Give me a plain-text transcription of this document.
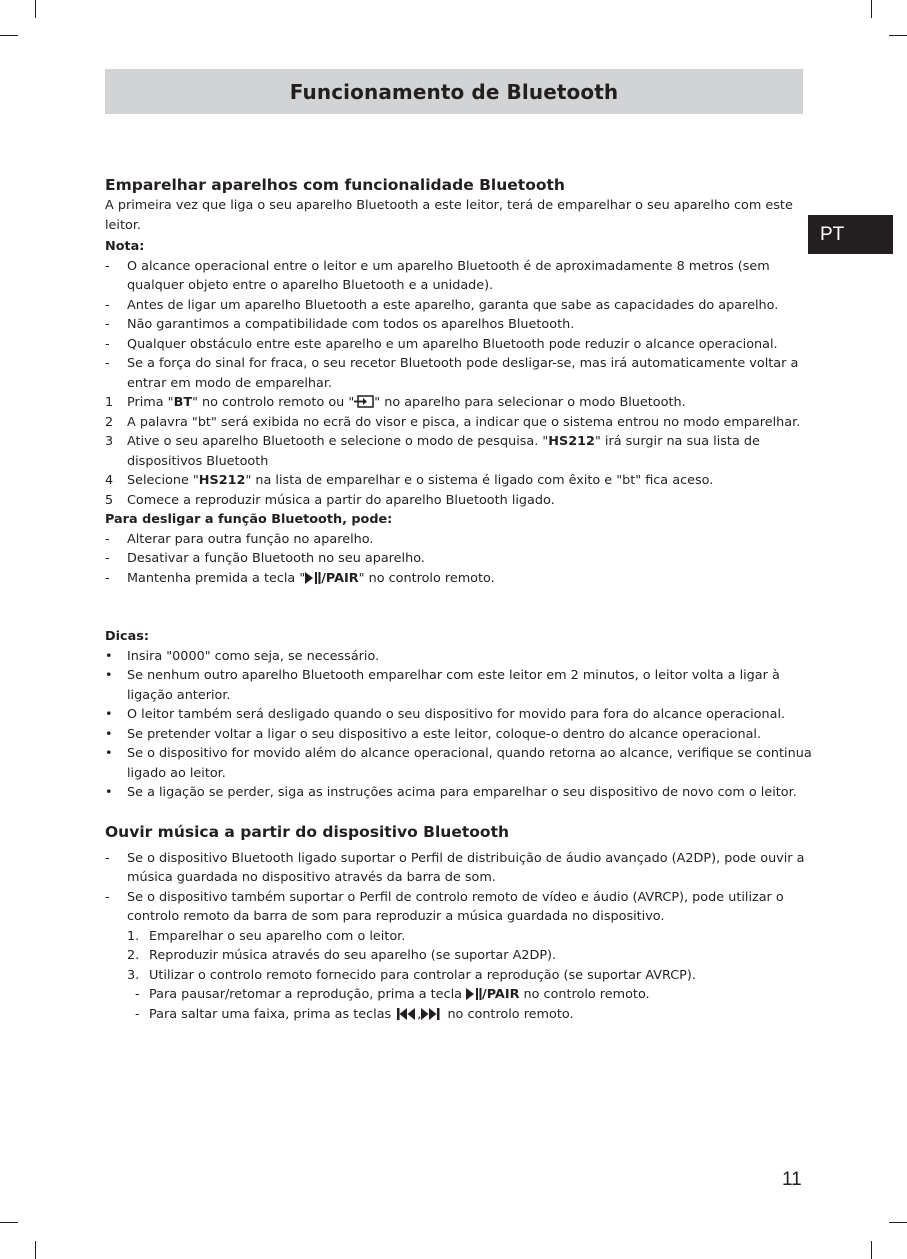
Funcionamento de Bluetooth
PT

Emparelhar aparelhos com funcionalidade Bluetooth

A primeira vez que liga o seu aparelho Bluetooth a este leitor, terá de emparelhar o seu aparelho com este leitor.

Nota:

-	O alcance operacional entre o leitor e um aparelho Bluetooth é de aproximadamente 8 metros (sem qualquer objeto entre o aparelho Bluetooth e a unidade).
-	Antes de ligar um aparelho Bluetooth a este aparelho, garanta que sabe as capacidades do aparelho.
-	Não garantimos a compatibilidade com todos os aparelhos Bluetooth.
-	Qualquer obstáculo entre este aparelho e um aparelho Bluetooth pode reduzir o alcance operacional.
-	Se a força do sinal for fraca, o seu recetor Bluetooth pode desligar-se, mas irá automaticamente voltar a entrar em modo de emparelhar.
1	Prima "BT" no controlo remoto ou " " no aparelho para selecionar o modo Bluetooth.
2	A palavra "bt" será exibida no ecrã do visor e pisca, a indicar que o sistema entrou no modo emparelhar.
3	Ative o seu aparelho Bluetooth e selecione o modo de pesquisa. "HS212" irá surgir na sua lista de dispositivos Bluetooth
4	Selecione "HS212" na lista de emparelhar e o sistema é ligado com êxito e "bt" fica aceso.
5	Comece a reproduzir música a partir do aparelho Bluetooth ligado.

Para desligar a função Bluetooth, pode:

-	Alterar para outra função no aparelho.
-	Desativar a função Bluetooth no seu aparelho.
-	Mantenha premida a tecla " /PAIR" no controlo remoto.

Dicas:

•	Insira "0000" como seja, se necessário.
•	Se nenhum outro aparelho Bluetooth emparelhar com este leitor em 2 minutos, o leitor volta a ligar à ligação anterior.
•	O leitor também será desligado quando o seu dispositivo for movido para fora do alcance operacional.
•	Se pretender voltar a ligar o seu dispositivo a este leitor, coloque-o dentro do alcance operacional.
•	Se o dispositivo for movido além do alcance operacional, quando retorna ao alcance, verifique se continua ligado ao leitor.
•	Se a ligação se perder, siga as instruções acima para emparelhar o seu dispositivo de novo com o leitor.

Ouvir música a partir do dispositivo Bluetooth

-	Se o dispositivo Bluetooth ligado suportar o Perfil de distribuição de áudio avançado (A2DP), pode ouvir a música guardada no dispositivo através da barra de som.
-	Se o dispositivo também suportar o Perfil de controlo remoto de vídeo e áudio (AVRCP), pode utilizar o controlo remoto da barra de som para reproduzir a música guardada no dispositivo.
1. Emparelhar o seu aparelho com o leitor.
2. Reproduzir música através do seu aparelho (se suportar A2DP).
3. Utilizar o controlo remoto fornecido para controlar a reprodução (se suportar AVRCP).
- Para pausar/retomar a reprodução, prima a tecla /PAIR no controlo remoto.
- Para saltar uma faixa, prima as teclas , no controlo remoto.
11
